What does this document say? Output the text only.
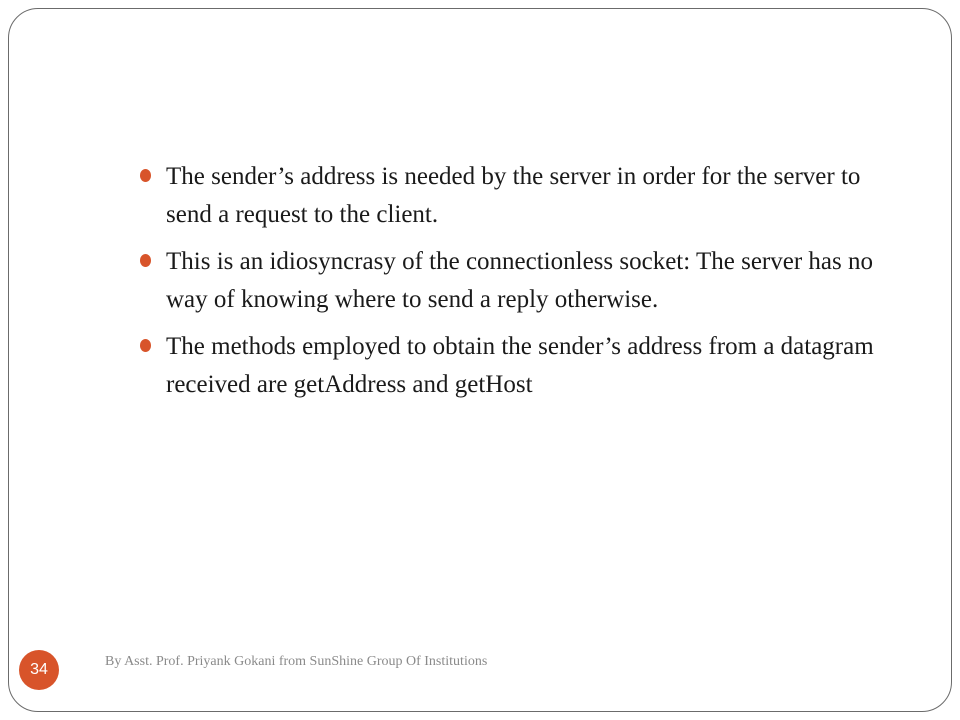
The sender’s address is needed by the server in order for the server to send a request to the client.
This is an idiosyncrasy of the connectionless socket: The server has no way of knowing where to send a reply otherwise.
The methods employed to obtain the sender’s address from a datagram received are getAddress and getHost
34	By Asst. Prof. Priyank Gokani from SunShine Group Of Institutions
